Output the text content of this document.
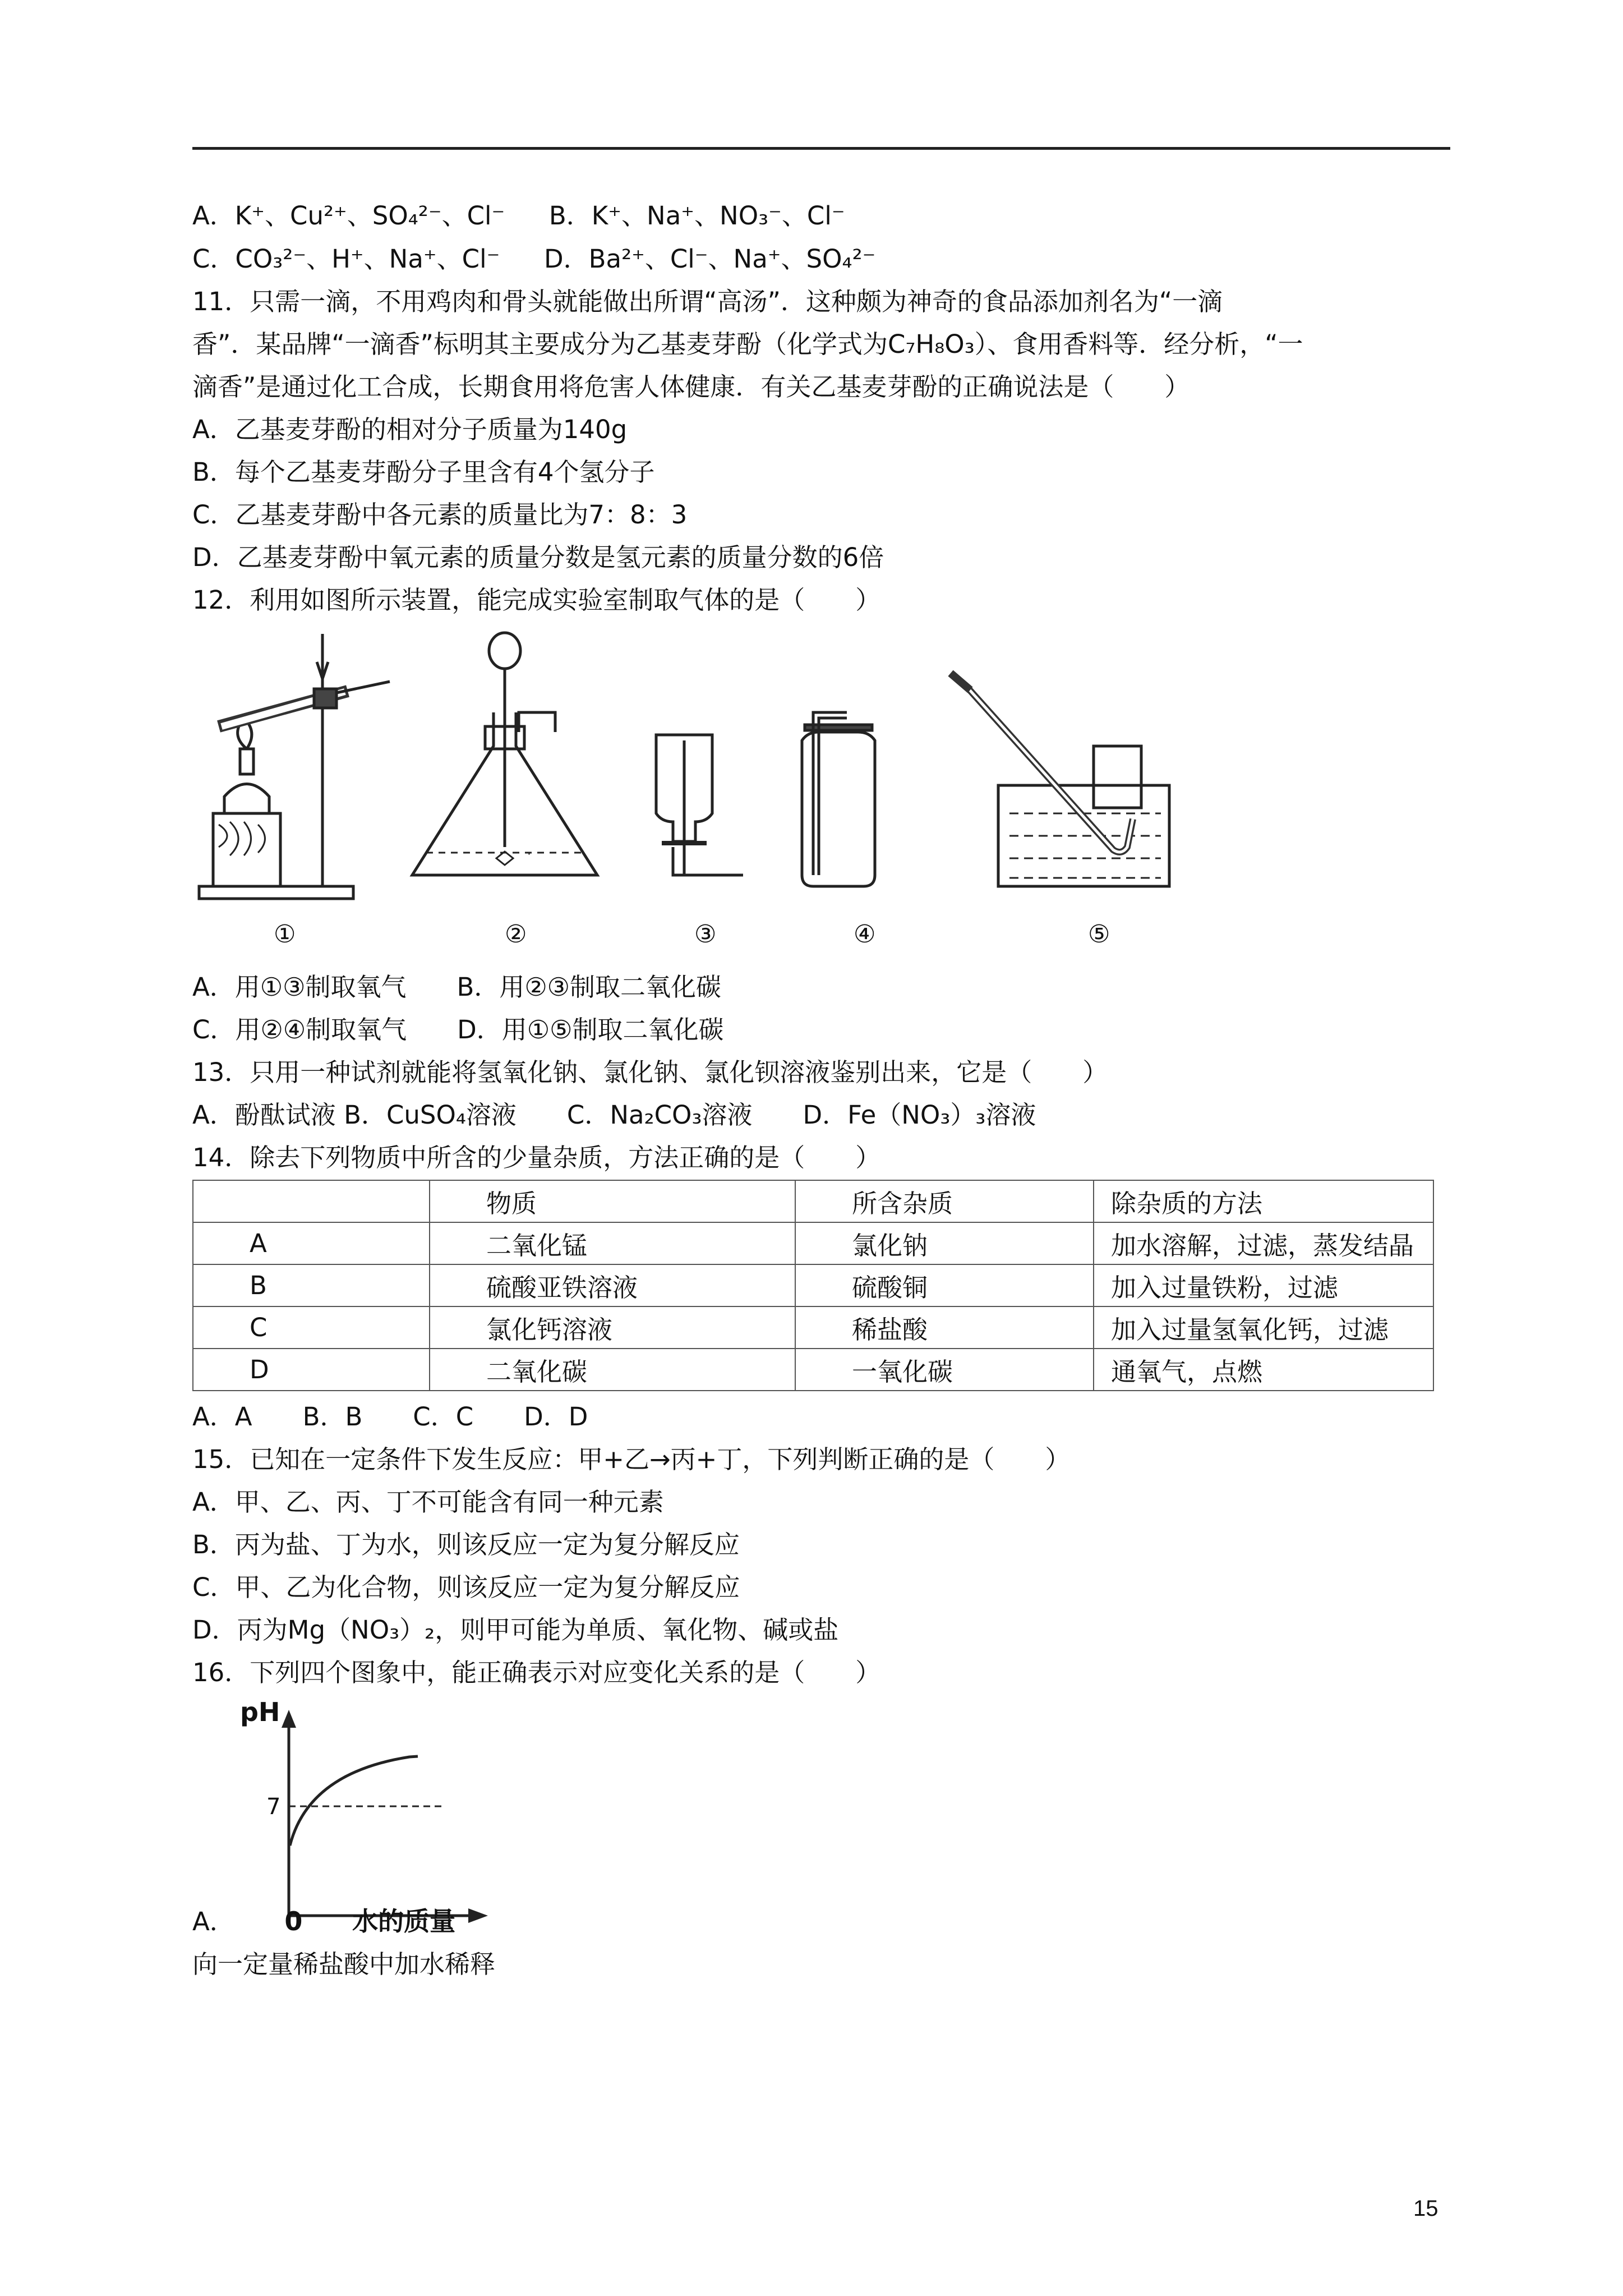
A．K⁺、Cu²⁺、SO₄²⁻、Cl⁻ B．K⁺、Na⁺、NO₃⁻、Cl⁻
C．CO₃²⁻、H⁺、Na⁺、Cl⁻ D．Ba²⁺、Cl⁻、Na⁺、SO₄²⁻
11．只需一滴，不用鸡肉和骨头就能做出所谓“高汤”．这种颇为神奇的食品添加剂名为“一滴
香”．某品牌“一滴香”标明其主要成分为乙基麦芽酚（化学式为C₇H₈O₃）、食用香料等．经分析，“一
滴香”是通过化工合成，长期食用将危害人体健康．有关乙基麦芽酚的正确说法是（　　）
A．乙基麦芽酚的相对分子质量为140g
B．每个乙基麦芽酚分子里含有4个氢分子
C．乙基麦芽酚中各元素的质量比为7：8：3
D．乙基麦芽酚中氧元素的质量分数是氢元素的质量分数的6倍
12．利用如图所示装置，能完成实验室制取气体的是（　　）
·
①	②	③	④	⑤
A．用①③制取氧气　　B．用②③制取二氧化碳
C．用②④制取氧气　　D．用①⑤制取二氧化碳
13．只用一种试剂就能将氢氧化钠、氯化钠、氯化钡溶液鉴别出来，它是（　　）
A．酚酞试液 B．CuSO₄溶液　　C．Na₂CO₃溶液　　D．Fe（NO₃）₃溶液
14．除去下列物质中所含的少量杂质，方法正确的是（　　）
	物质	所含杂质	除杂质的方法
A	二氧化锰	氯化钠	加水溶解，过滤，蒸发结晶
B	硫酸亚铁溶液	硫酸铜	加入过量铁粉，过滤
C	氯化钙溶液	稀盐酸	加入过量氢氧化钙，过滤
D	二氧化碳	一氧化碳	通氧气，点燃
A．A　　B．B　　C．C　　D．D
15．已知在一定条件下发生反应：甲+乙→丙+丁，下列判断正确的是（　　）
A．甲、乙、丙、丁不可能含有同一种元素
B．丙为盐、丁为水，则该反应一定为复分解反应
C．甲、乙为化合物，则该反应一定为复分解反应
D．丙为Mg（NO₃）₂，则甲可能为单质、氧化物、碱或盐
16．下列四个图象中，能正确表示对应变化关系的是（　　）
pH
7
A． 0 水的质量
向一定量稀盐酸中加水稀释
15
